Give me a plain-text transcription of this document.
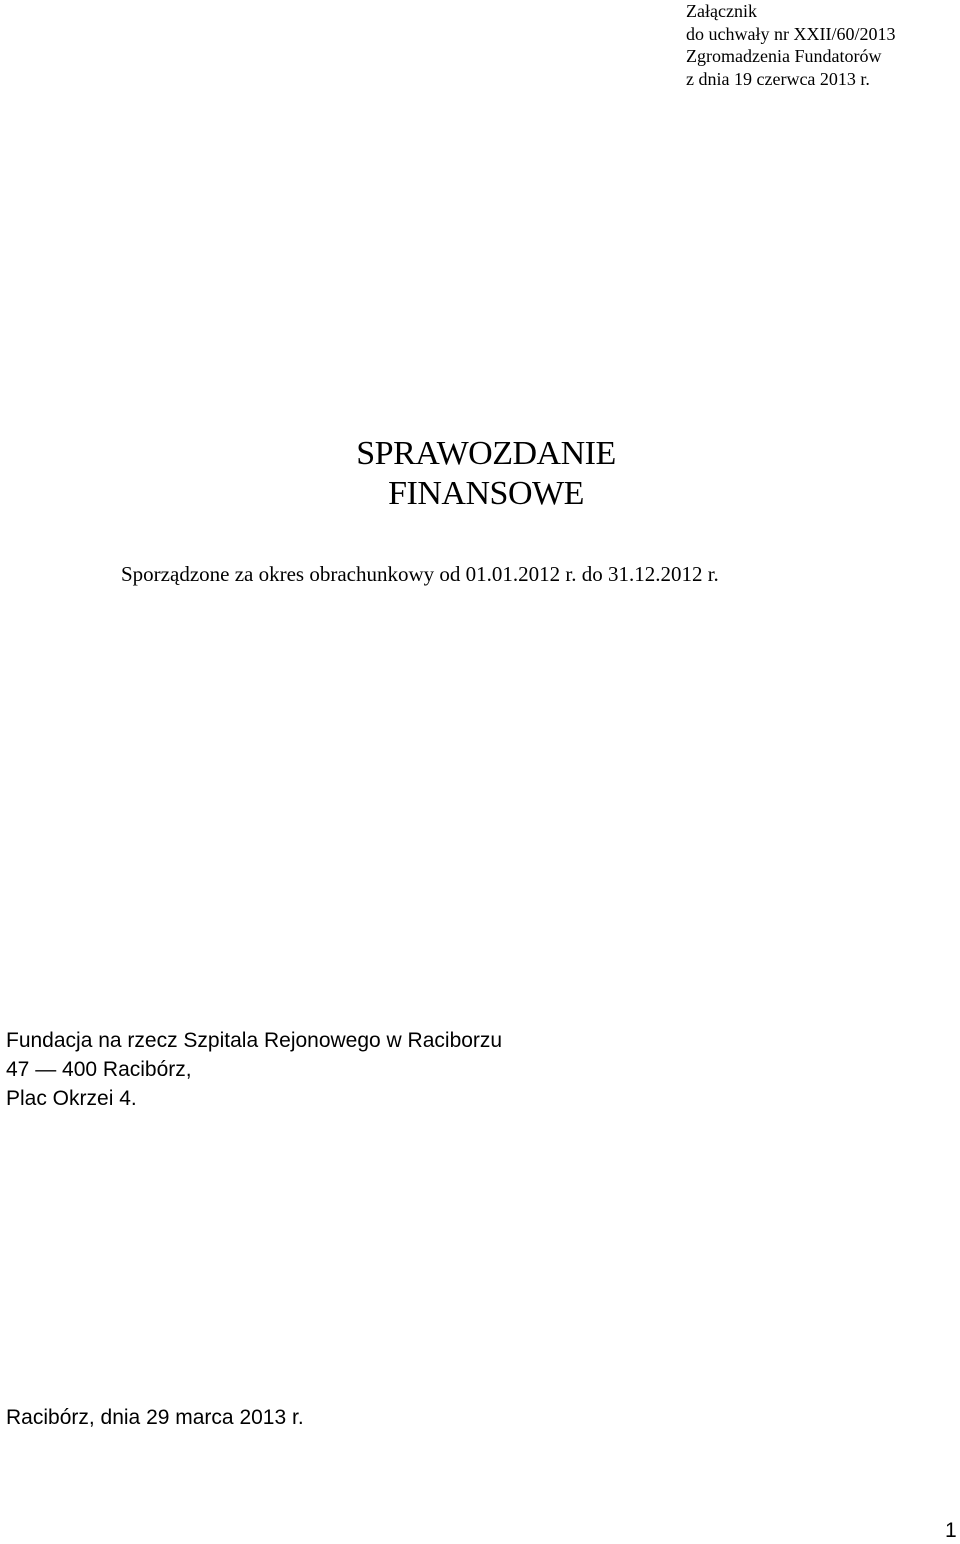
Załącznik
do uchwały nr XXII/60/2013
Zgromadzenia Fundatorów
z dnia 19 czerwca 2013 r.
SPRAWOZDANIE
FINANSOWE
Sporządzone za okres obrachunkowy od 01.01.2012 r. do 31.12.2012 r.
Fundacja na rzecz Szpitala Rejonowego w Raciborzu
47 — 400 Racibórz,
Plac Okrzei 4.
Racibórz, dnia 29 marca 2013 r.
1
